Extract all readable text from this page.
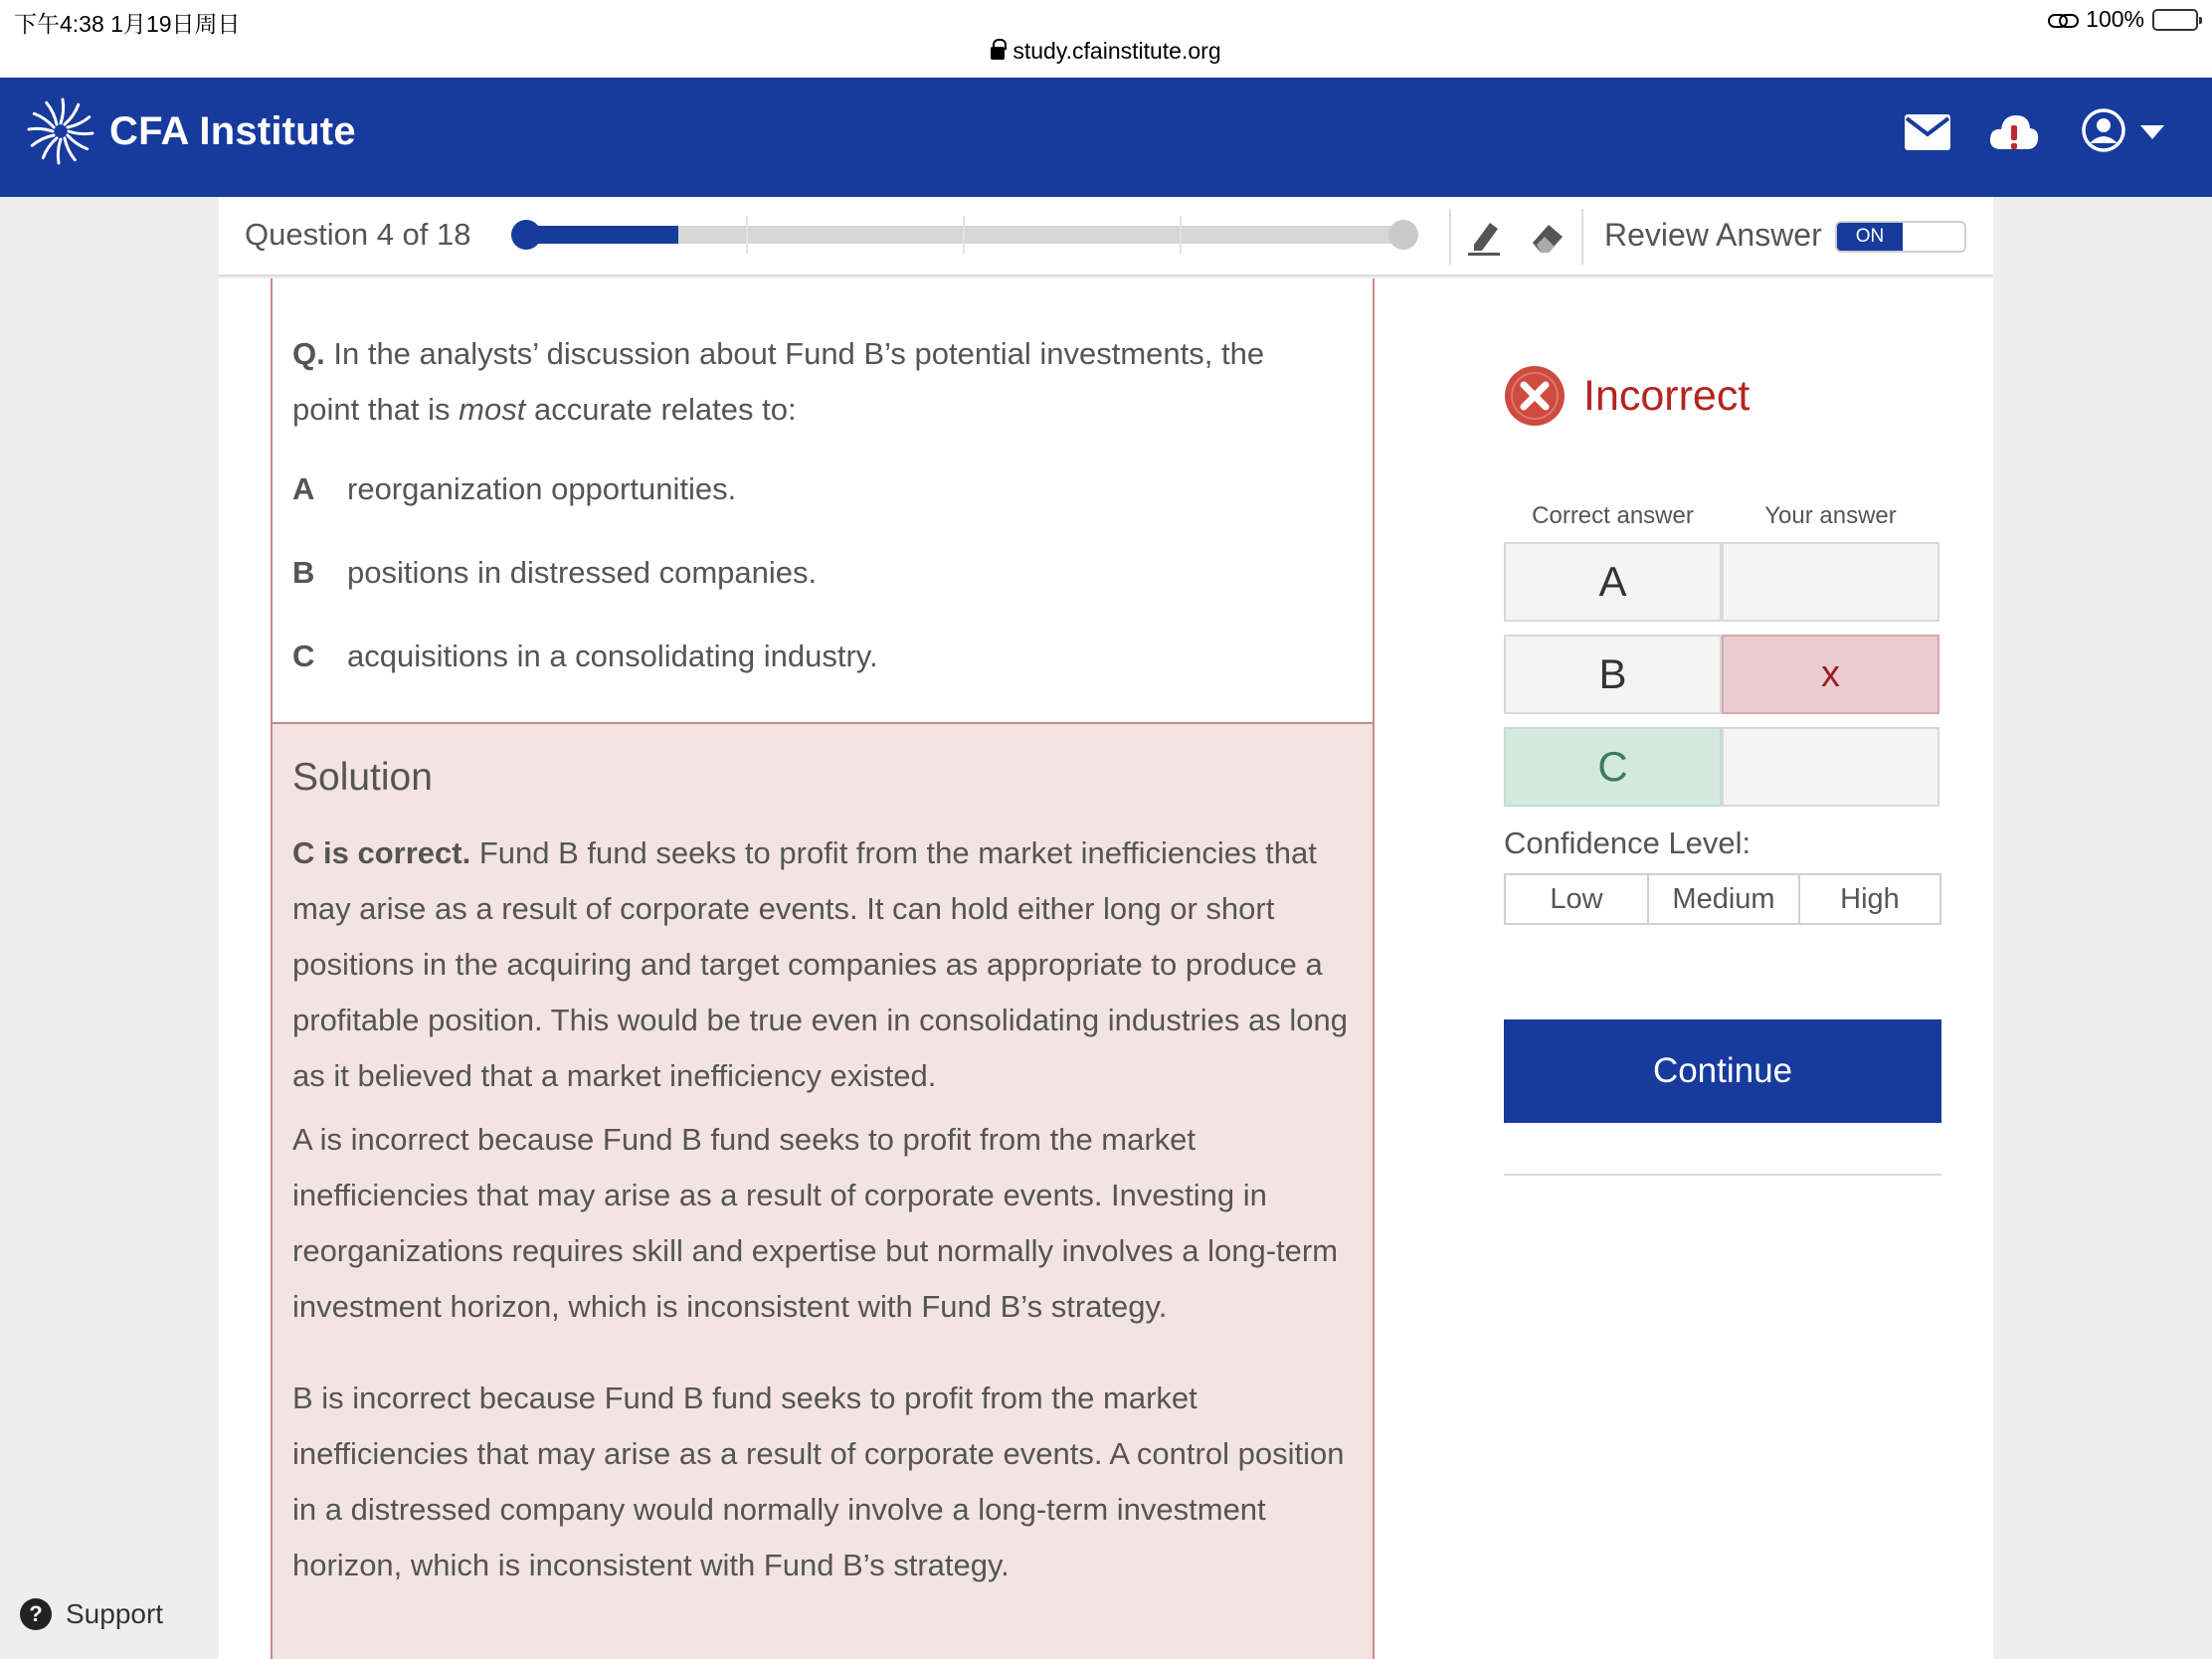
下午4:38 1月19日周日
study.cfainstitute.org
100%
CFA Institute
Question 4 of 18	Review Answer	ON
Q. In the analysts’ discussion about Fund B’s potential investments, the point that is most accurate relates to:
A reorganization opportunities.
B positions in distressed companies.
C acquisitions in a consolidating industry.
Solution
C is correct. Fund B fund seeks to profit from the market inefficiencies that may arise as a result of corporate events. It can hold either long or short positions in the acquiring and target companies as appropriate to produce a profitable position. This would be true even in consolidating industries as long as it believed that a market inefficiency existed.
A is incorrect because Fund B fund seeks to profit from the market inefficiencies that may arise as a result of corporate events. Investing in reorganizations requires skill and expertise but normally involves a long-term investment horizon, which is inconsistent with Fund B’s strategy.
B is incorrect because Fund B fund seeks to profit from the market inefficiencies that may arise as a result of corporate events. A control position in a distressed company would normally involve a long-term investment horizon, which is inconsistent with Fund B’s strategy.
Incorrect
Correct answer	Your answer
A
B	x
C
Confidence Level:
Low	Medium	High
Continue
? Support
